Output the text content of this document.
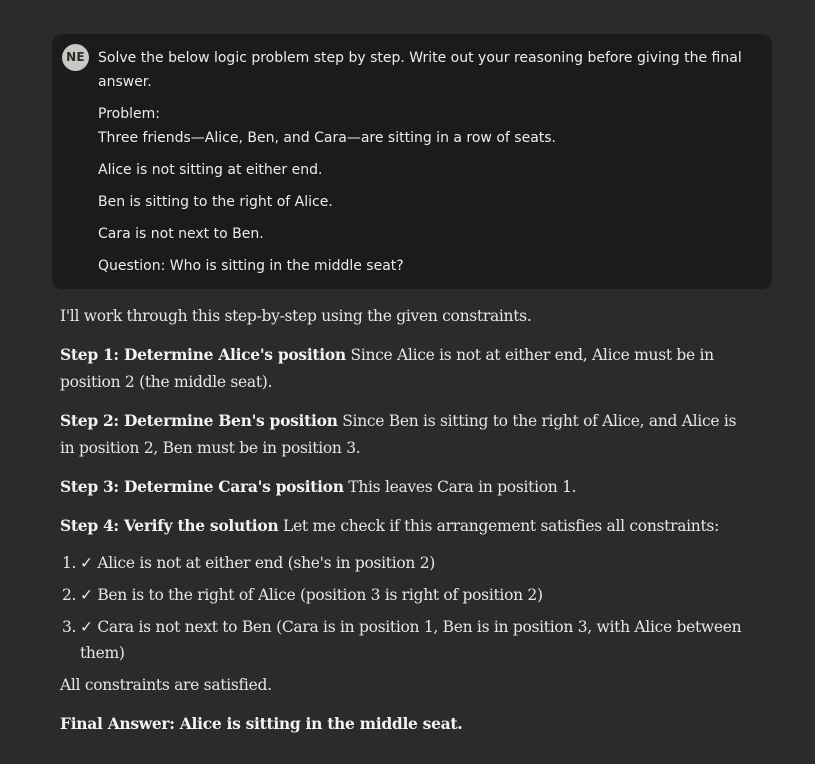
NE Solve the below logic problem step by step. Write out your reasoning before giving the final answer.

Problem:

Three friends—Alice, Ben, and Cara—are sitting in a row of seats.

Alice is not sitting at either end.

Ben is sitting to the right of Alice.

Cara is not next to Ben.

Question: Who is sitting in the middle seat?

I'll work through this step-by-step using the given constraints.

Step 1: Determine Alice's position Since Alice is not at either end, Alice must be in position 2 (the middle seat).

Step 2: Determine Ben's position Since Ben is sitting to the right of Alice, and Alice is in position 2, Ben must be in position 3.

Step 3: Determine Cara's position This leaves Cara in position 1.

Step 4: Verify the solution Let me check if this arrangement satisfies all constraints:

1. ✓ Alice is not at either end (she's in position 2)
2. ✓ Ben is to the right of Alice (position 3 is right of position 2)
3. ✓ Cara is not next to Ben (Cara is in position 1, Ben is in position 3, with Alice between them)

All constraints are satisfied.

Final Answer: Alice is sitting in the middle seat.
